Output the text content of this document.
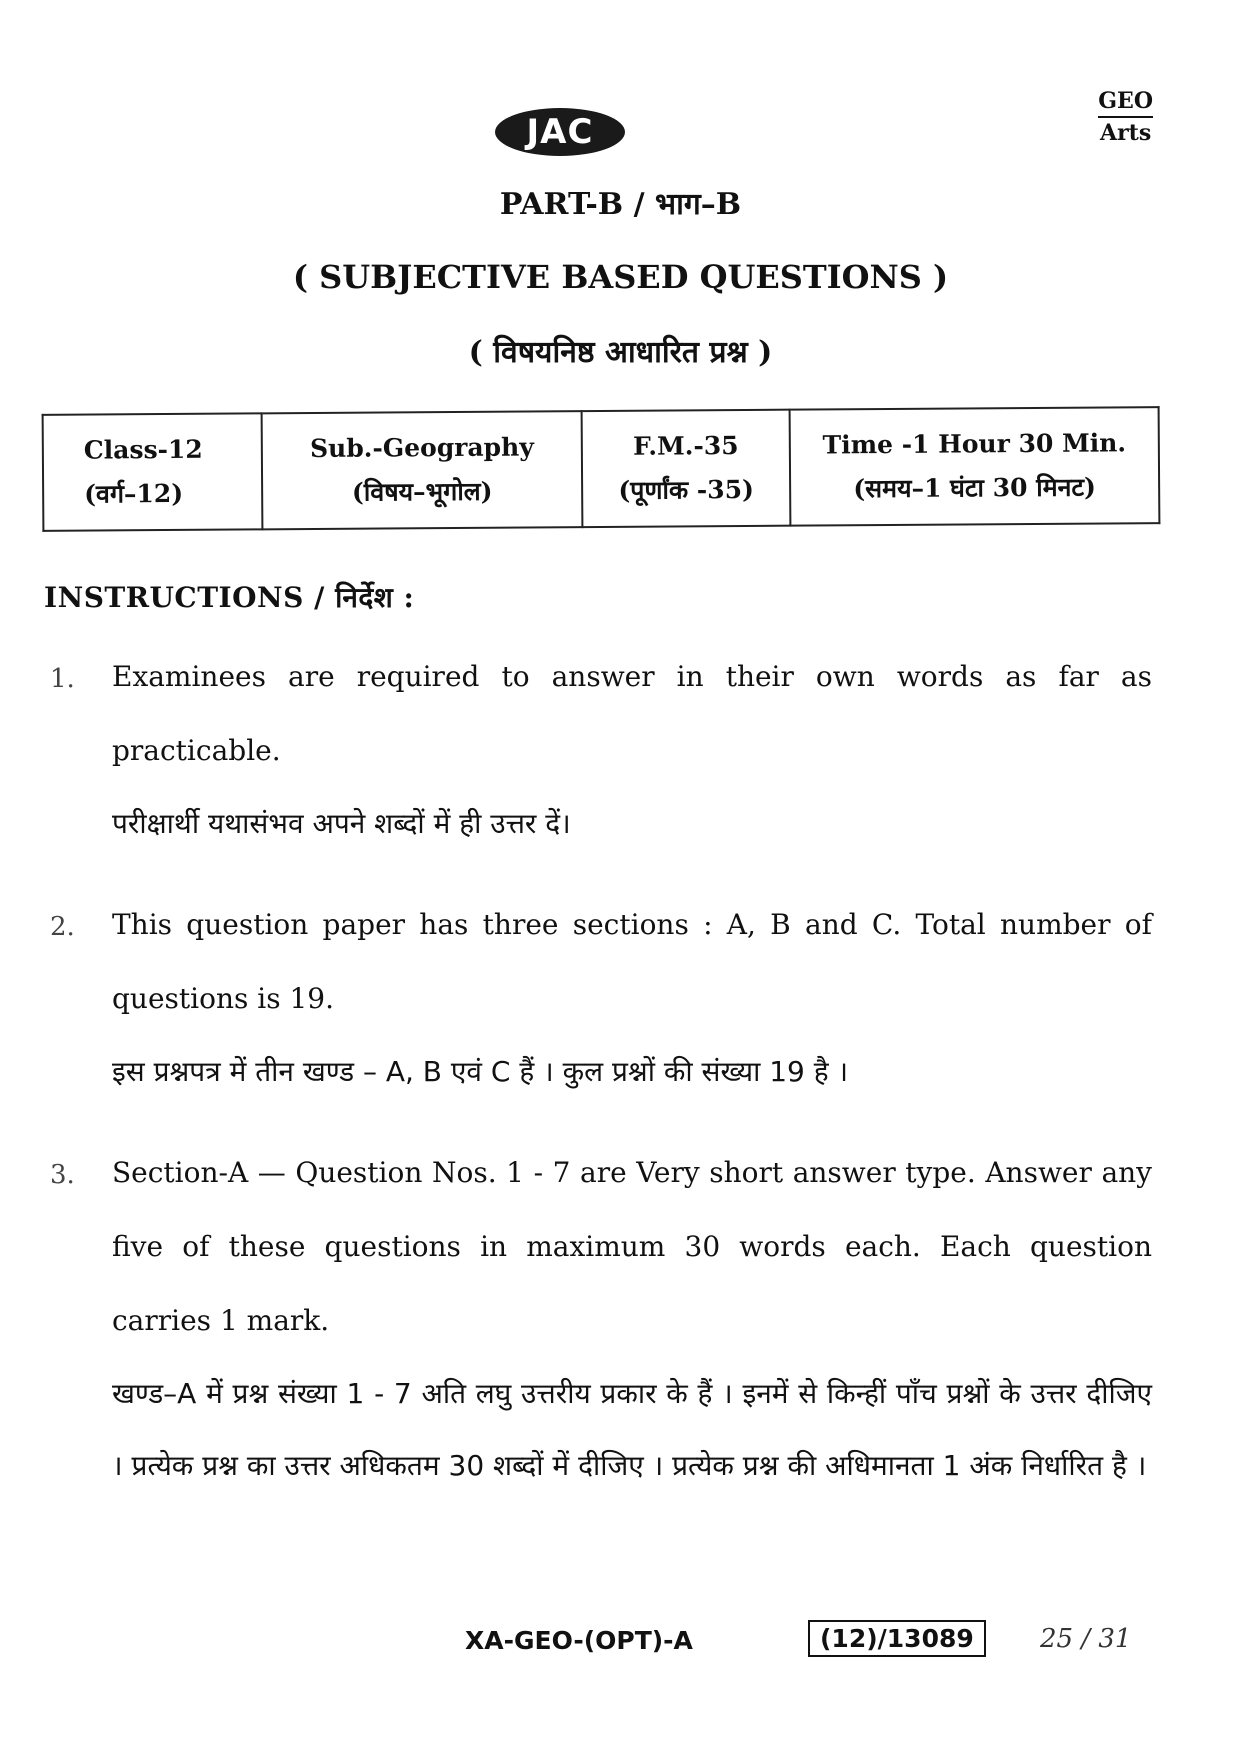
JAC
GEO
Arts
PART-B / भाग–B
( SUBJECTIVE BASED QUESTIONS )
( विषयनिष्ठ आधारित प्रश्न )
Class-12
(वर्ग–12)

Sub.-Geography
(विषय–भूगोल)

F.M.-35
(पूर्णांक -35)

Time -1 Hour 30 Min.
(समय–1 घंटा 30 मिनट)
INSTRUCTIONS / निर्देश :
1. Examinees are required to answer in their own words as far as practicable.
परीक्षार्थी यथासंभव अपने शब्दों में ही उत्तर दें।
2. This question paper has three sections : A, B and C. Total number of questions is 19.
इस प्रश्नपत्र में तीन खण्ड – A, B एवं C हैं । कुल प्रश्नों की संख्या 19 है ।
3. Section-A — Question Nos. 1 - 7 are Very short answer type. Answer any five of these questions in maximum 30 words each. Each question carries 1 mark.
खण्ड–A में प्रश्न संख्या 1 - 7 अति लघु उत्तरीय प्रकार के हैं । इनमें से किन्हीं पाँच प्रश्नों के उत्तर दीजिए । प्रत्येक प्रश्न का उत्तर अधिकतम 30 शब्दों में दीजिए । प्रत्येक प्रश्न की अधिमानता 1 अंक निर्धारित है ।
XA-GEO-(OPT)-A	(12)/13089	25 / 31
